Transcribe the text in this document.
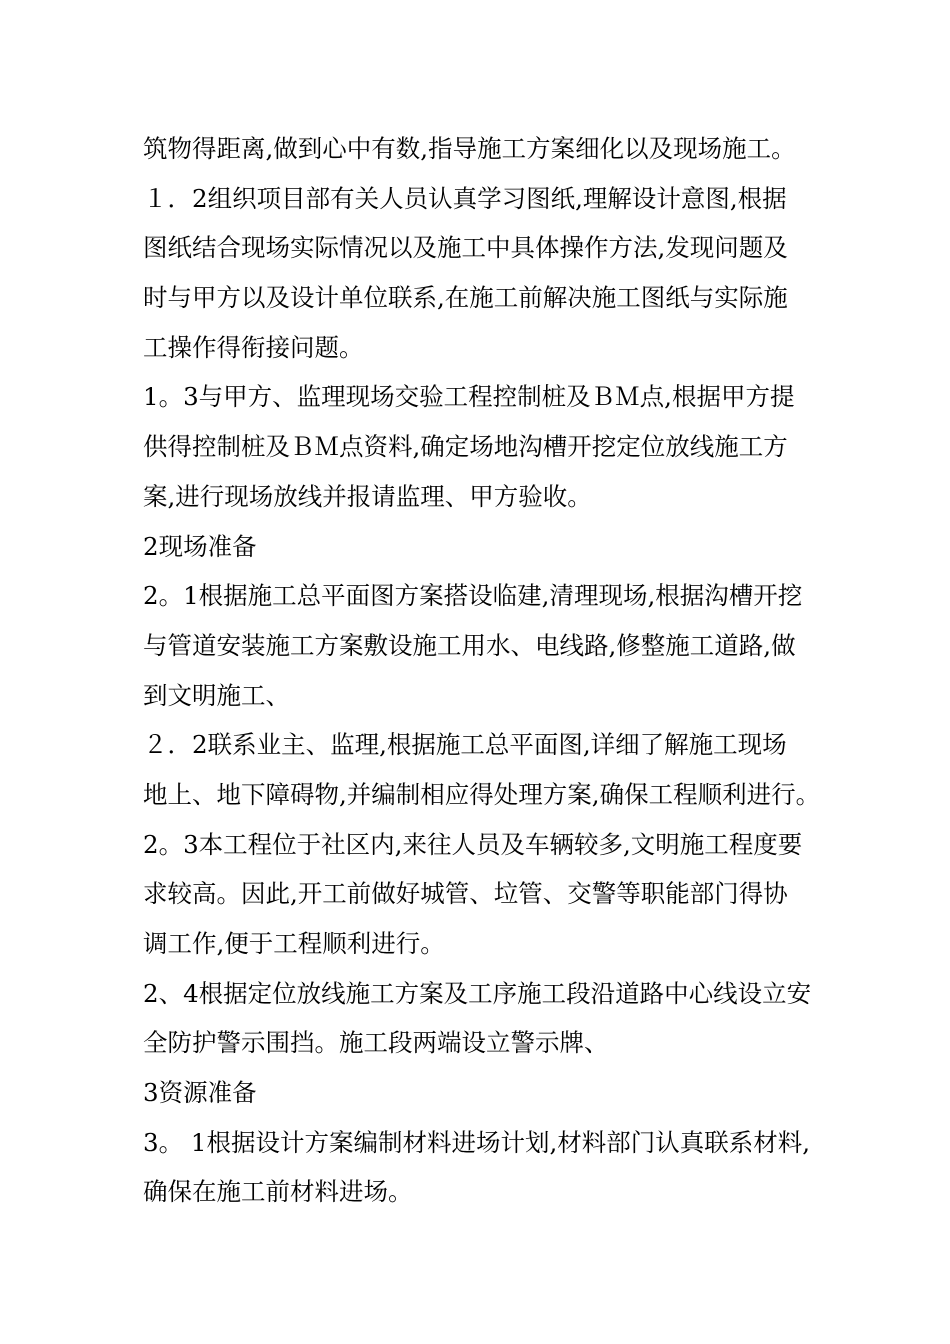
筑物得距离,做到心中有数,指导施工方案细化以及现场施工。
１．2组织项目部有关人员认真学习图纸,理解设计意图,根据
图纸结合现场实际情况以及施工中具体操作方法,发现问题及
时与甲方以及设计单位联系,在施工前解决施工图纸与实际施
工操作得衔接问题。
1。3与甲方、监理现场交验工程控制桩及ＢＭ点,根据甲方提
供得控制桩及ＢＭ点资料,确定场地沟槽开挖定位放线施工方
案,进行现场放线并报请监理、甲方验收。
2现场准备
2。1根据施工总平面图方案搭设临建,清理现场,根据沟槽开挖
与管道安装施工方案敷设施工用水、电线路,修整施工道路,做
到文明施工、
２．2联系业主、监理,根据施工总平面图,详细了解施工现场
地上、地下障碍物,并编制相应得处理方案,确保工程顺利进行。
2。3本工程位于社区内,来往人员及车辆较多,文明施工程度要
求较高。因此,开工前做好城管、垃管、交警等职能部门得协
调工作,便于工程顺利进行。
2、4根据定位放线施工方案及工序施工段沿道路中心线设立安
全防护警示围挡。施工段两端设立警示牌、
3资源准备
3。 1根据设计方案编制材料进场计划,材料部门认真联系材料,
确保在施工前材料进场。
